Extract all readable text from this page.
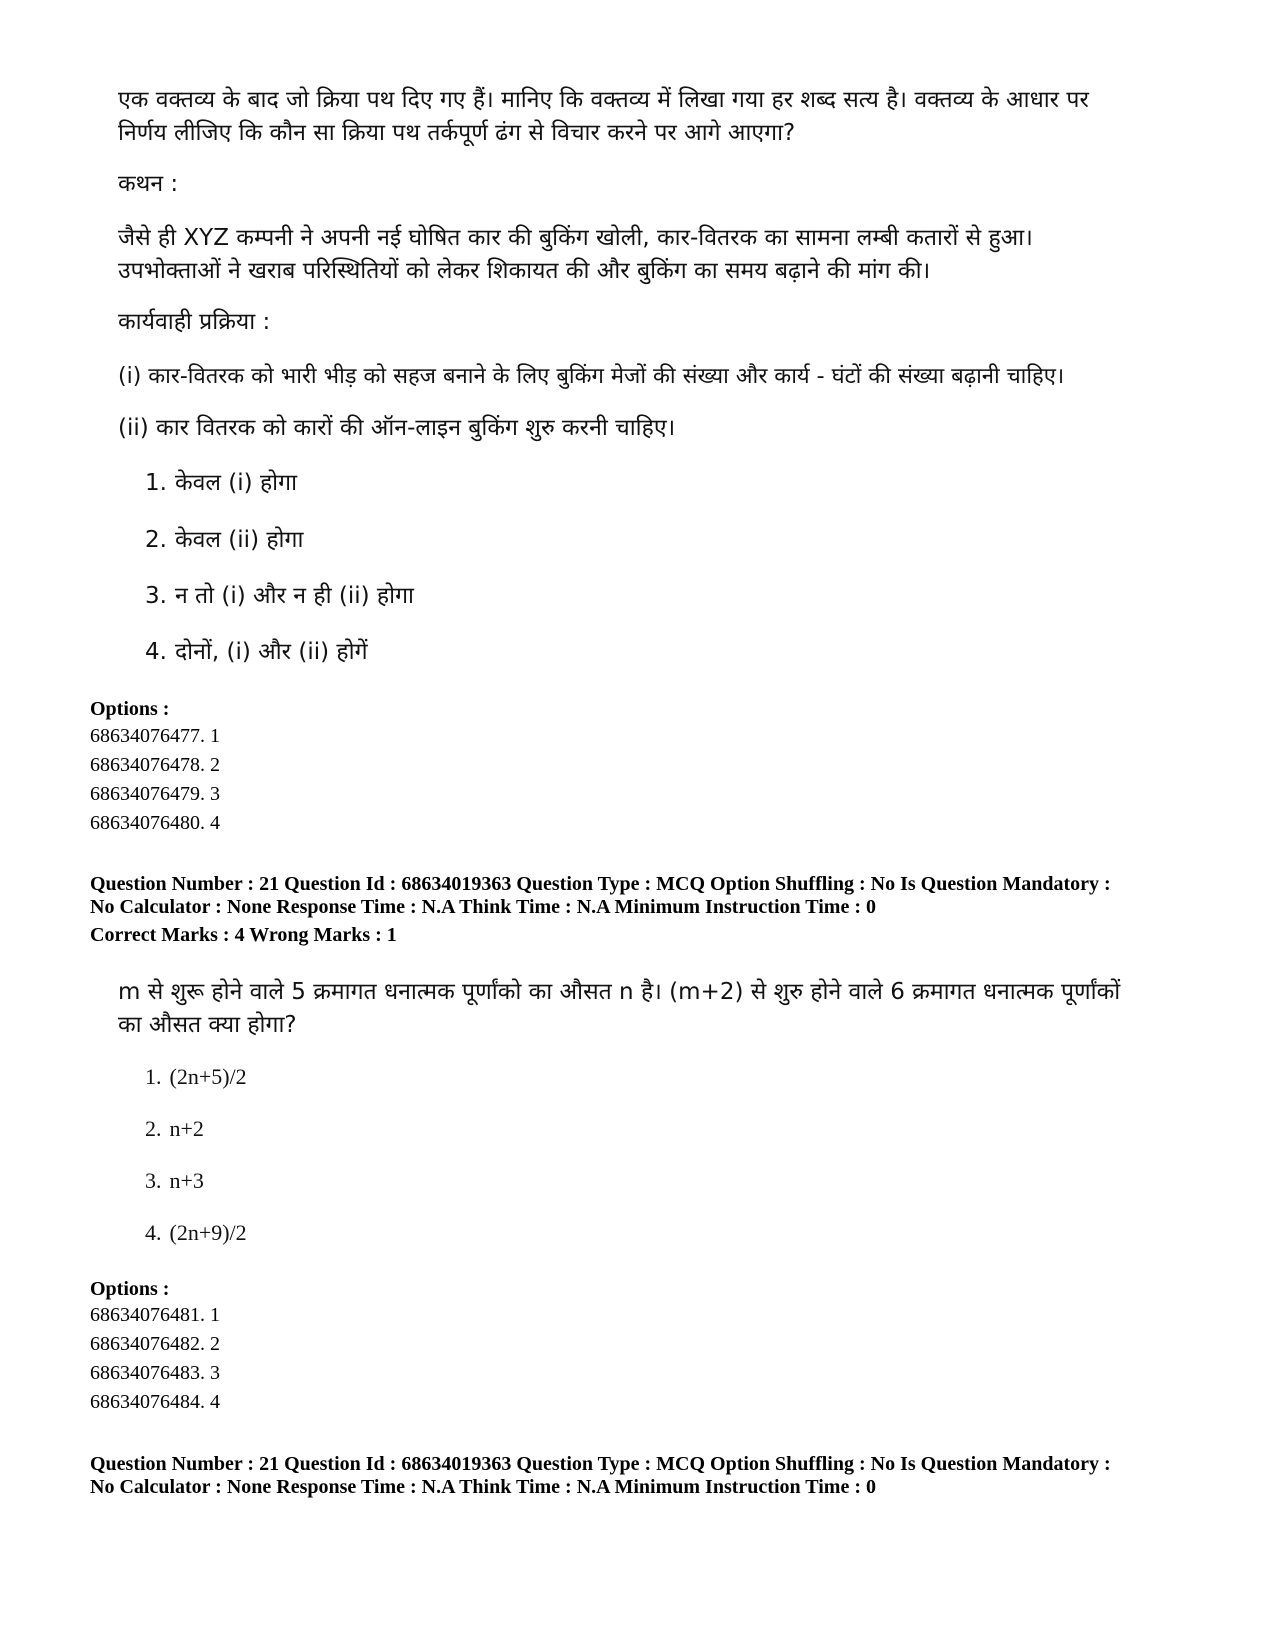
एक वक्तव्य के बाद जो क्रिया पथ दिए गए हैं। मानिए कि वक्तव्य में लिखा गया हर शब्द सत्य है। वक्तव्य के आधार पर निर्णय लीजिए कि कौन सा क्रिया पथ तर्कपूर्ण ढंग से विचार करने पर आगे आएगा?

कथन :

जैसे ही XYZ कम्पनी ने अपनी नई घोषित कार की बुकिंग खोली, कार-वितरक का सामना लम्बी कतारों से हुआ। उपभोक्ताओं ने खराब परिस्थितियों को लेकर शिकायत की और बुकिंग का समय बढ़ाने की मांग की।

कार्यवाही प्रक्रिया :

(i) कार-वितरक को भारी भीड़ को सहज बनाने के लिए बुकिंग मेजों की संख्या और कार्य - घंटों की संख्या बढ़ानी चाहिए।

(ii) कार वितरक को कारों की ऑन-लाइन बुकिंग शुरु करनी चाहिए।

1. केवल (i) होगा
2. केवल (ii) होगा
3. न तो (i) और न ही (ii) होगा
4. दोनों, (i) और (ii) होगें
Options :
68634076477. 1
68634076478. 2
68634076479. 3
68634076480. 4
Question Number : 21 Question Id : 68634019363 Question Type : MCQ Option Shuffling : No Is Question Mandatory :
No Calculator : None Response Time : N.A Think Time : N.A Minimum Instruction Time : 0
Correct Marks : 4 Wrong Marks : 1

m से शुरू होने वाले 5 क्रमागत धनात्मक पूर्णांको का औसत n है। (m+2) से शुरु होने वाले 6 क्रमागत धनात्मक पूर्णांकों का औसत क्या होगा?

1. (2n+5)/2
2. n+2
3. n+3
4. (2n+9)/2
Options :
68634076481. 1
68634076482. 2
68634076483. 3
68634076484. 4
Question Number : 21 Question Id : 68634019363 Question Type : MCQ Option Shuffling : No Is Question Mandatory :
No Calculator : None Response Time : N.A Think Time : N.A Minimum Instruction Time : 0
